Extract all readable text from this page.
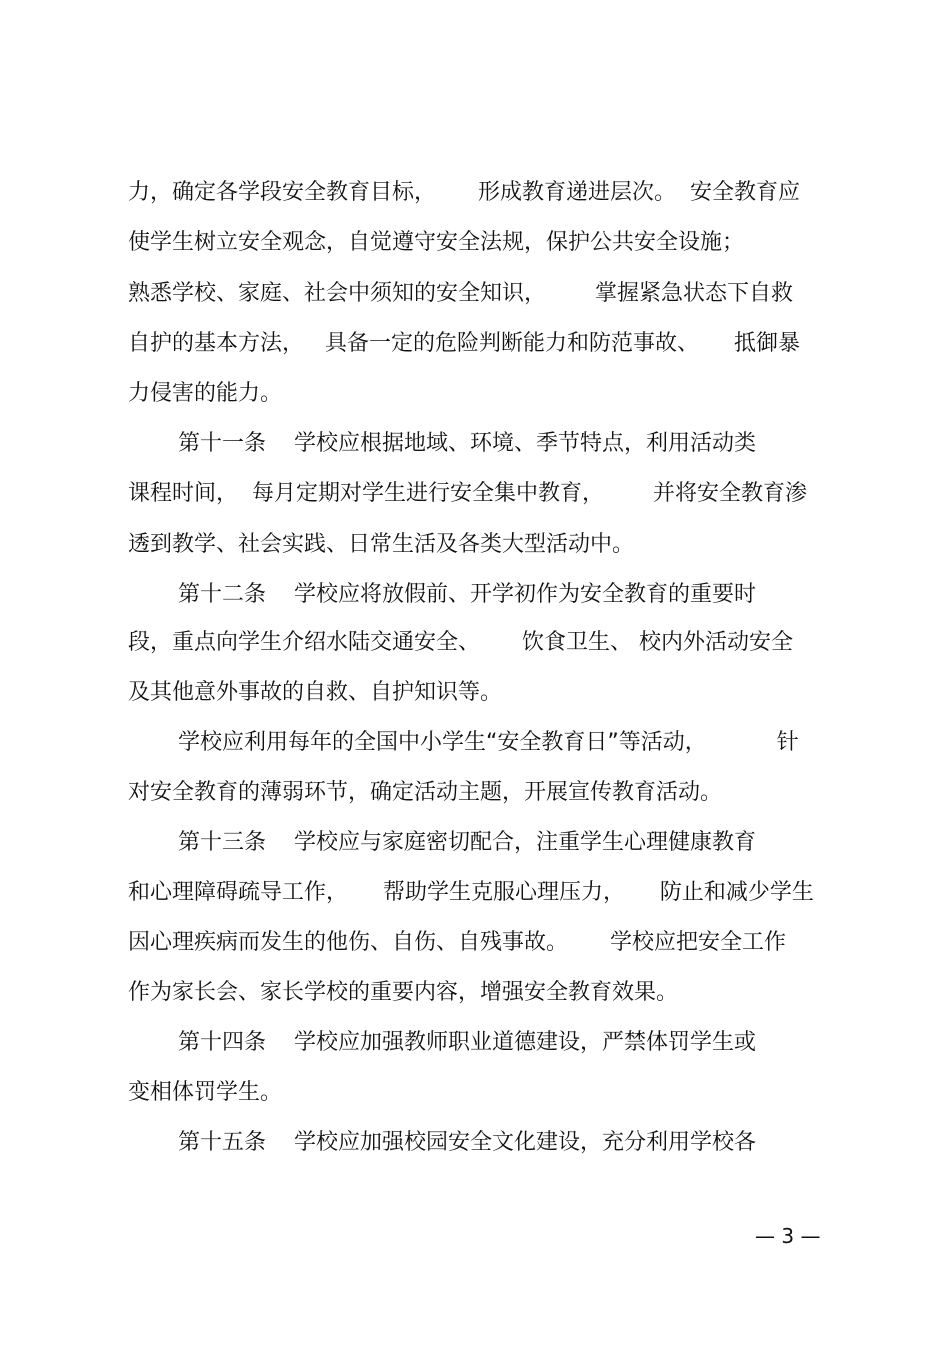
力，确定各学段安全教育目标，      形成教育递进层次。  安全教育应
使学生树立安全观念，自觉遵守安全法规，保护公共安全设施；
熟悉学校、家庭、社会中须知的安全知识，       掌握紧急状态下自救
自护的基本方法，   具备一定的危险判断能力和防范事故、     抵御暴
力侵害的能力。
第十一条    学校应根据地域、环境、季节特点，利用活动类
课程时间，  每月定期对学生进行安全集中教育，       并将安全教育渗
透到教学、社会实践、日常生活及各类大型活动中。
第十二条    学校应将放假前、开学初作为安全教育的重要时
段，重点向学生介绍水陆交通安全、      饮食卫生、 校内外活动安全
及其他意外事故的自救、自护知识等。
学校应利用每年的全国中小学生“安全教育日”等活动，          针
对安全教育的薄弱环节，确定活动主题，开展宣传教育活动。
第十三条    学校应与家庭密切配合，注重学生心理健康教育
和心理障碍疏导工作，     帮助学生克服心理压力，     防止和减少学生
因心理疾病而发生的他伤、自伤、自残事故。      学校应把安全工作
作为家长会、家长学校的重要内容，增强安全教育效果。
第十四条    学校应加强教师职业道德建设，严禁体罚学生或
变相体罚学生。
第十五条    学校应加强校园安全文化建设，充分利用学校各
— 3 —
